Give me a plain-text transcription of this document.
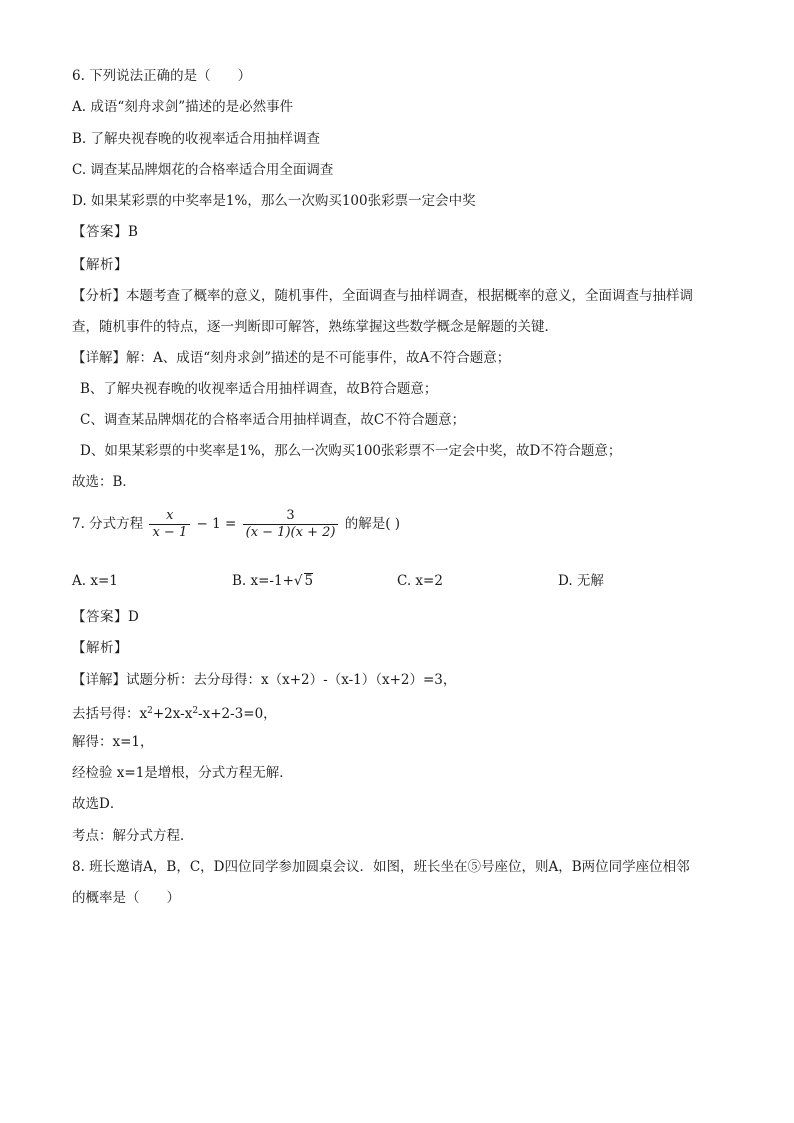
6. 下列说法正确的是（　　）
A. 成语“刻舟求剑”描述的是必然事件
B. 了解央视春晚的收视率适合用抽样调查
C. 调查某品牌烟花的合格率适合用全面调查
D. 如果某彩票的中奖率是1%，那么一次购买100张彩票一定会中奖
【答案】B
【解析】
【分析】本题考查了概率的意义，随机事件，全面调查与抽样调查，根据概率的意义，全面调查与抽样调
查，随机事件的特点，逐一判断即可解答，熟练掌握这些数学概念是解题的关键．
【详解】解：A、成语“刻舟求剑”描述的是不可能事件，故A不符合题意；
B、了解央视春晚的收视率适合用抽样调查，故B符合题意；
C、调查某品牌烟花的合格率适合用抽样调查，故C不符合题意；
D、如果某彩票的中奖率是1%，那么一次购买100张彩票不一定会中奖，故D不符合题意；
故选：B．
7. 分式方程 $\frac{x}{x - 1} - 1 = \frac{3}{(x - 1)(x + 2)}$ 的解是( )
A. x=1	B. x=-1+√ 5	C. x=2	D. 无解
【答案】D
【解析】
【详解】试题分析：去分母得：x（x+2）-（x-1）（x+2）=3，
去括号得：$x^2+2x-x^2-x+2-3=0$，
解得：x=1，
经检验 x=1是增根，分式方程无解．
故选D．
考点：解分式方程．
8. 班长邀请A，B，C，D四位同学参加圆桌会议．如图，班长坐在⑤号座位，则A，B两位同学座位相邻
的概率是（　　）
